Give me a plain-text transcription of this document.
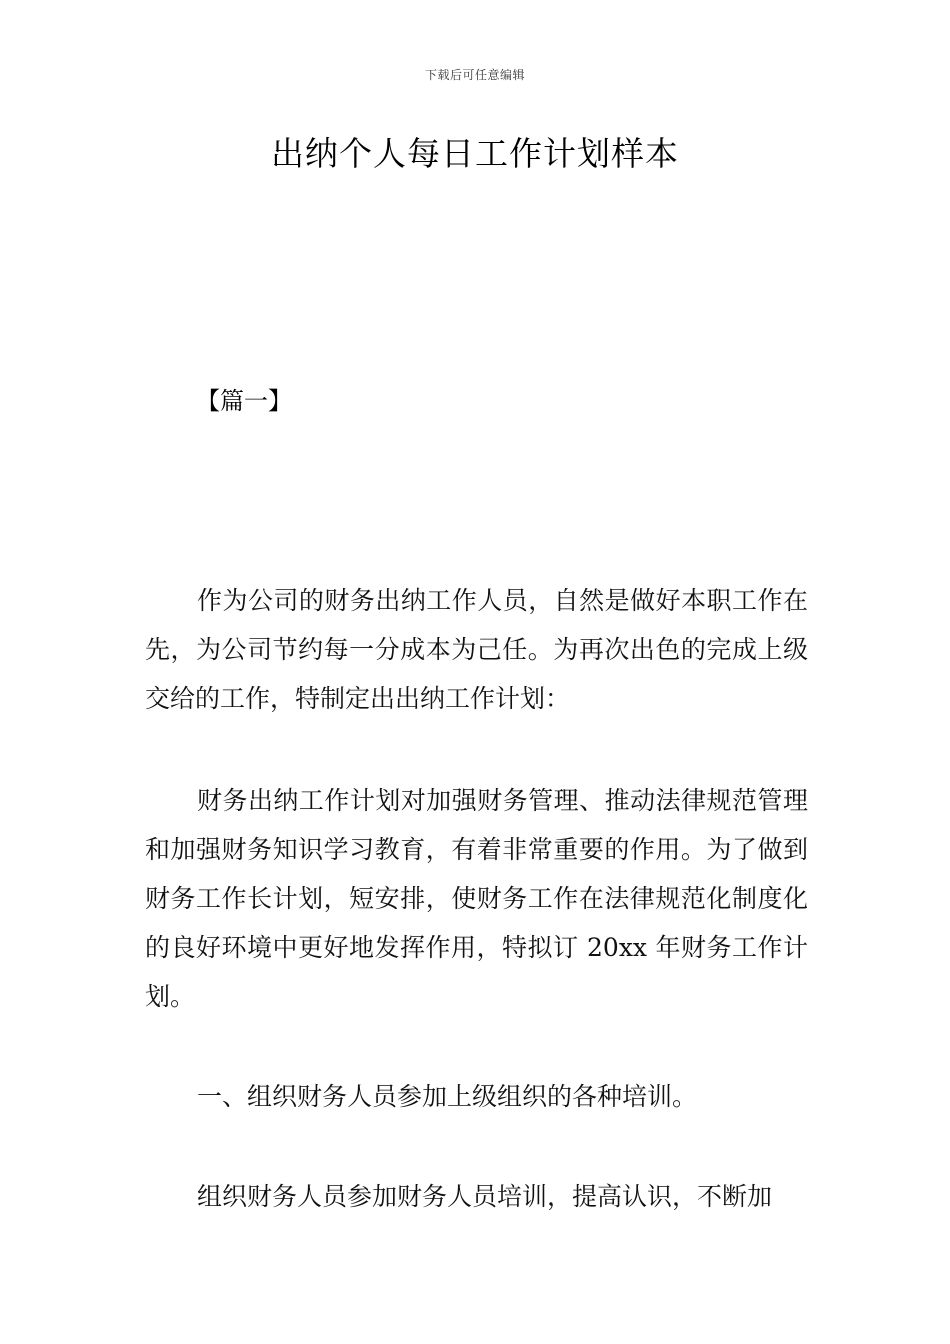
下载后可任意编辑
出纳个人每日工作计划样本
【篇一】

作为公司的财务出纳工作人员，自然是做好本职工作在先，为公司节约每一分成本为己任。为再次出色的完成上级交给的工作，特制定出出纳工作计划：

财务出纳工作计划对加强财务管理、推动法律规范管理和加强财务知识学习教育，有着非常重要的作用。为了做到财务工作长计划，短安排，使财务工作在法律规范化制度化的良好环境中更好地发挥作用，特拟订 20xx 年财务工作计划。

一、组织财务人员参加上级组织的各种培训。

组织财务人员参加财务人员培训，提高认识，不断加
